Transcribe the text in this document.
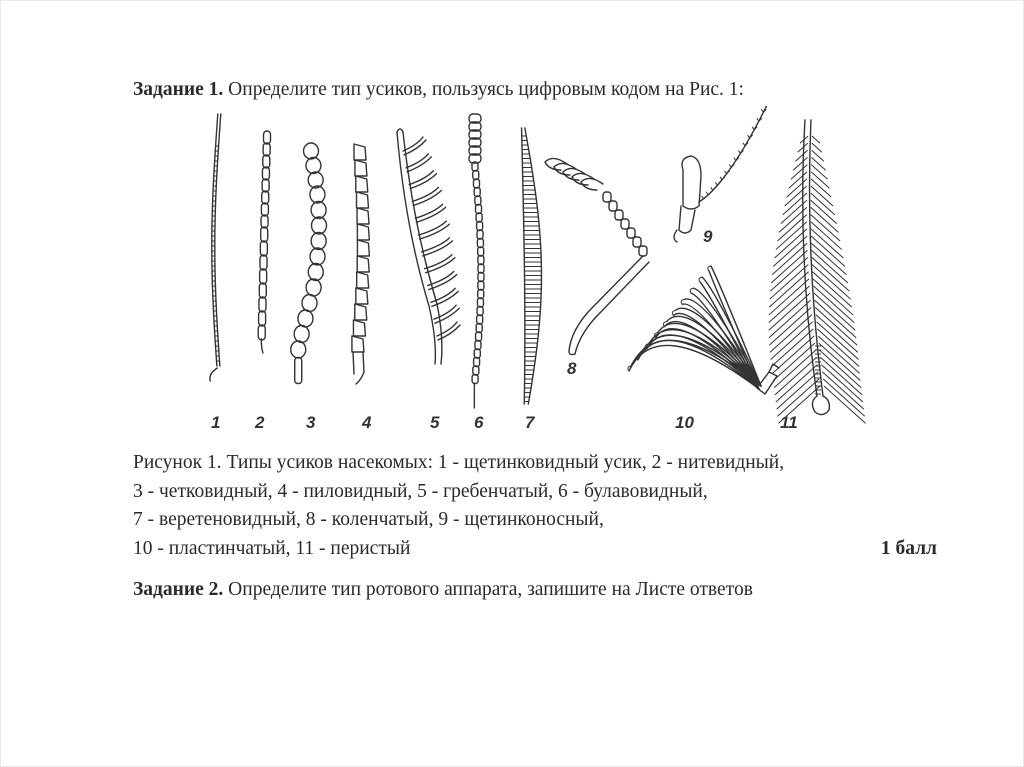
Задание 1. Определите тип усиков, пользуясь цифровым кодом на Рис. 1:
1 2 3	4	5 6 7
8
9
10	11
Рисунок 1. Типы усиков насекомых: 1 - щетинковидный усик, 2 - нитевидный,
3 - четковидный, 4 - пиловидный, 5 - гребенчатый, 6 - булавовидный,
7 - веретеновидный, 8 - коленчатый, 9 - щетинконосный,
10 - пластинчатый, 11 - перистый	1 балл
Задание 2. Определите тип ротового аппарата, запишите на Листе ответов
